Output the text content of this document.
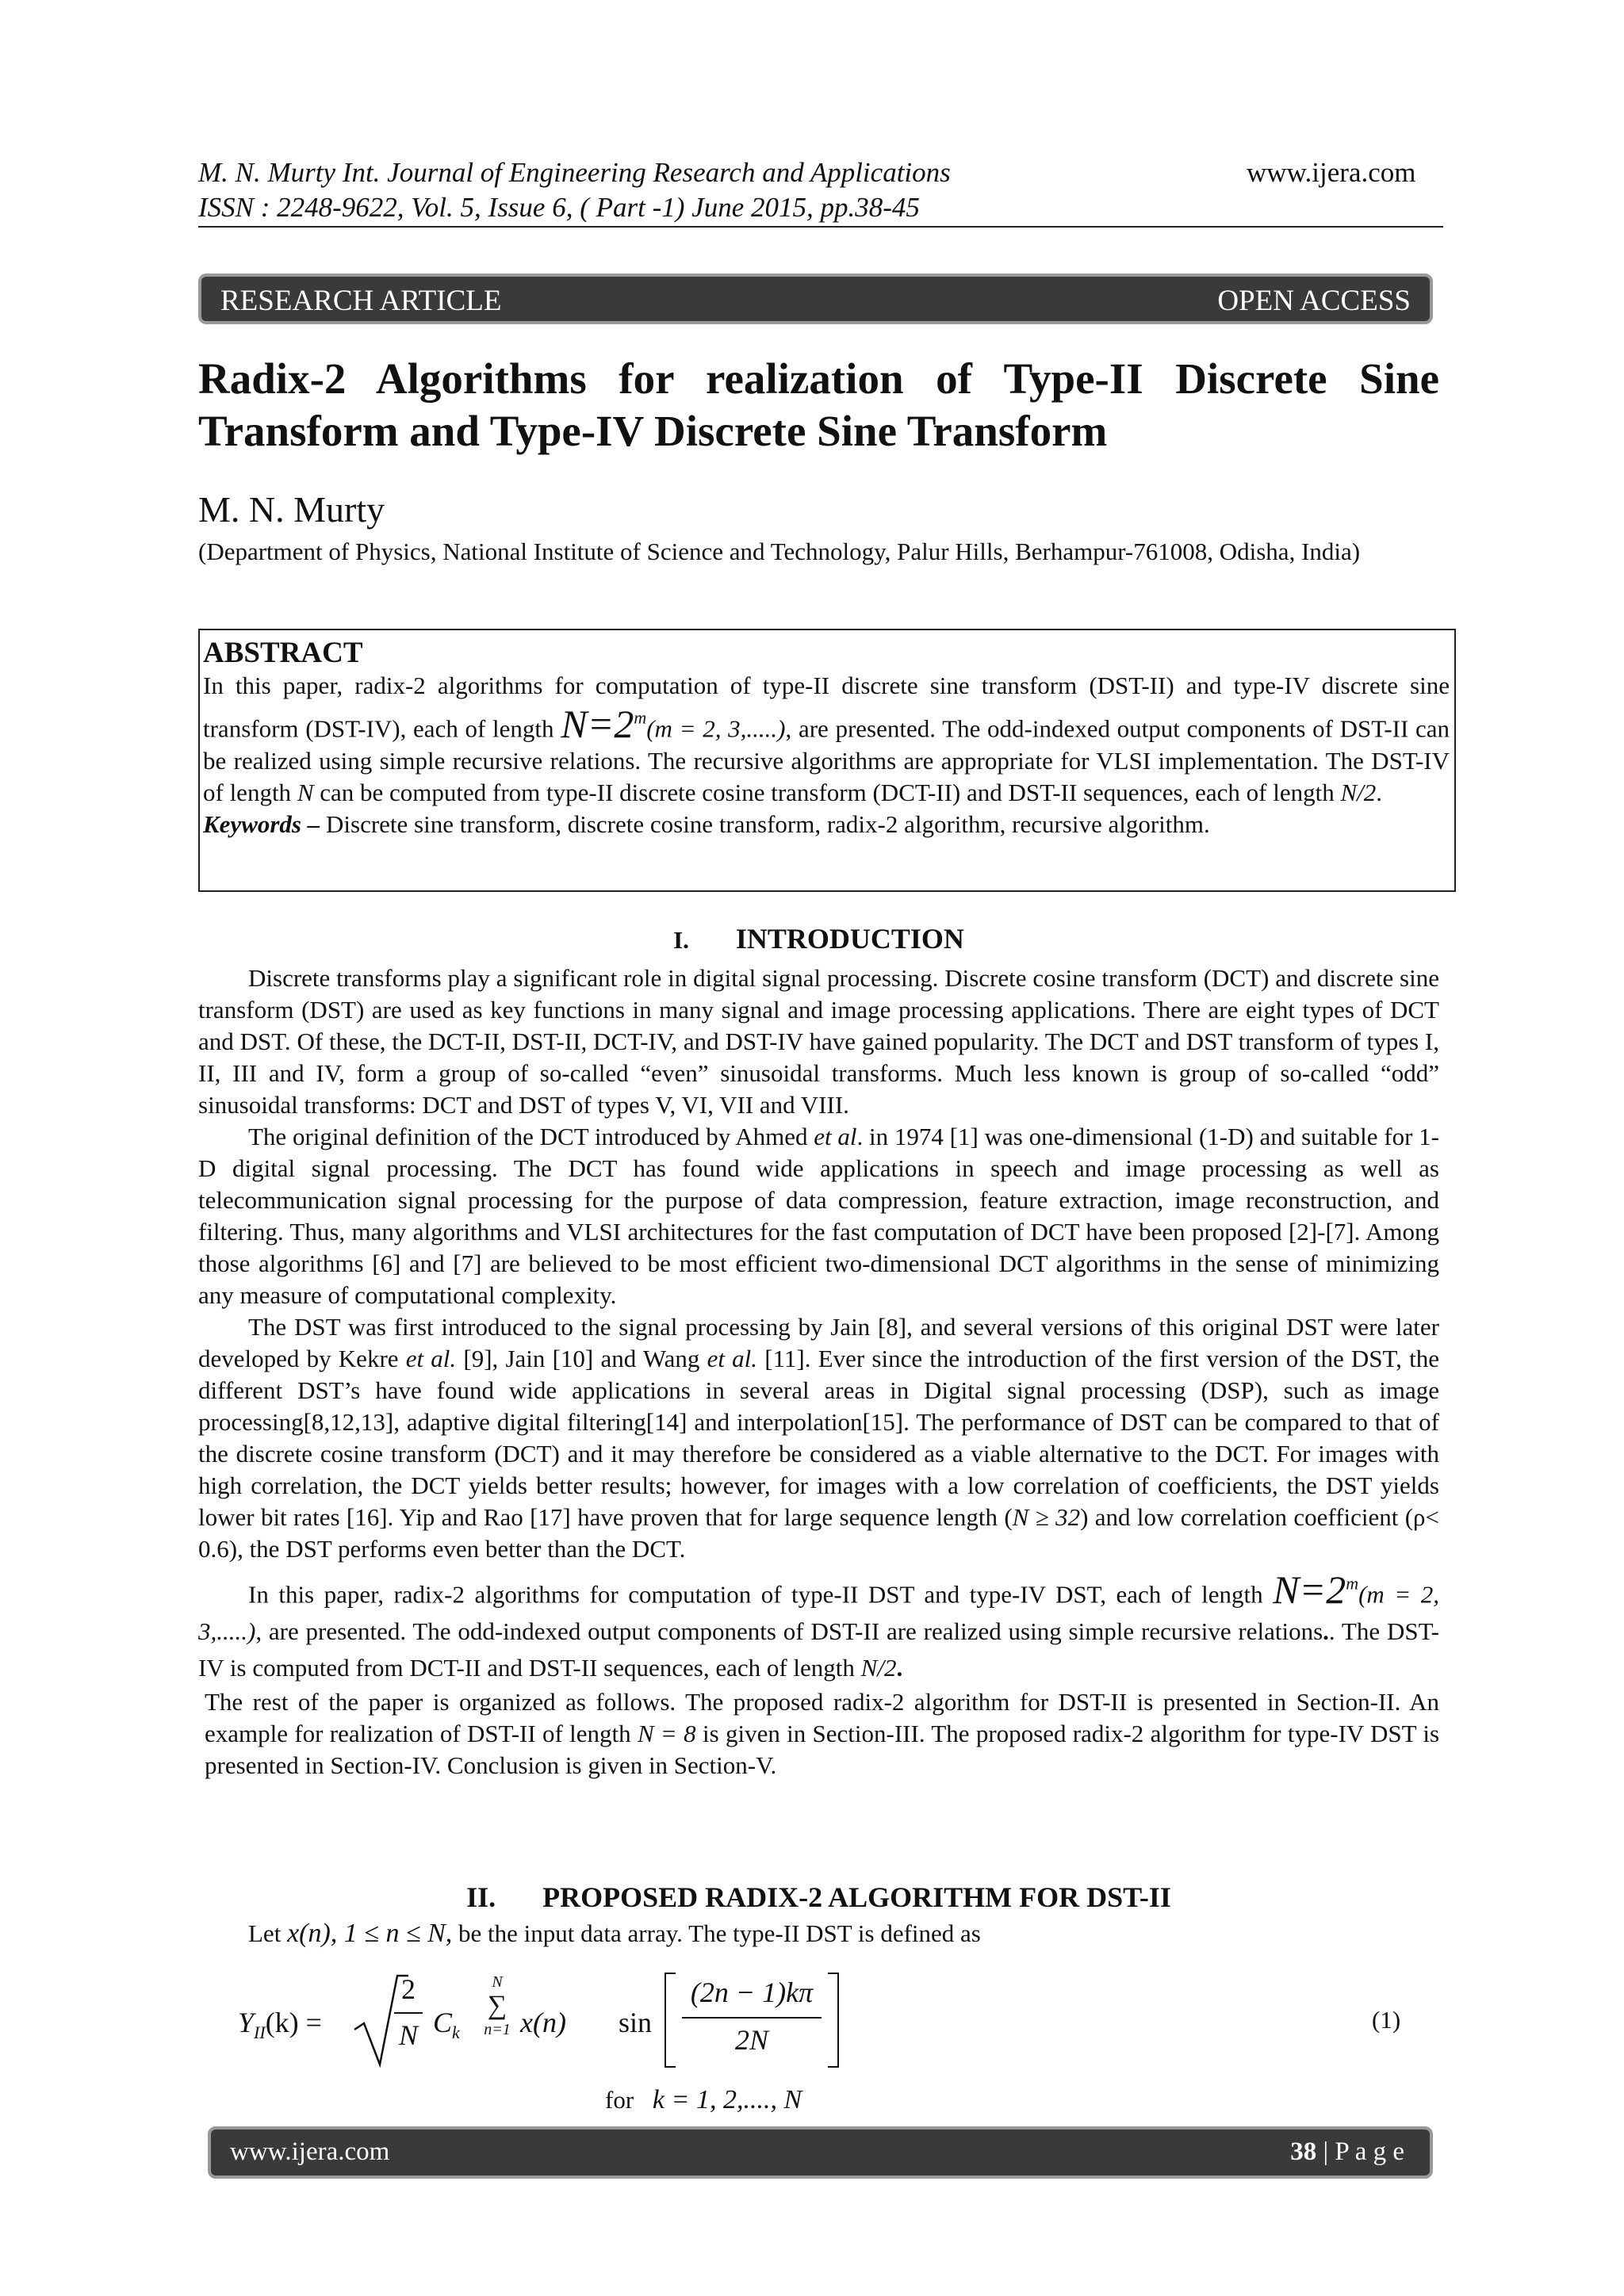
M. N. Murty Int. Journal of Engineering Research and Applications	www.ijera.com
ISSN : 2248-9622, Vol. 5, Issue 6, ( Part -1) June 2015, pp.38-45
RESEARCH ARTICLE	OPEN ACCESS
Radix-2 Algorithms for realization of Type-II Discrete Sine
Transform and Type-IV Discrete Sine Transform
M. N. Murty
(Department of Physics, National Institute of Science and Technology, Palur Hills, Berhampur-761008, Odisha, India)
ABSTRACT

In this paper, radix-2 algorithms for computation of type-II discrete sine transform (DST-II) and type-IV discrete sine transform (DST-IV), each of length $N=2^m(m = 2$, 3,.....), are presented. The odd-indexed output components of DST-II can be realized using simple recursive relations. The recursive algorithms are appropriate for VLSI implementation. The DST-IV of length N can be computed from type-II discrete cosine transform (DCT-II) and DST-II sequences, each of length N/2.

Keywords – Discrete sine transform, discrete cosine transform, radix-2 algorithm, recursive algorithm.

I. INTRODUCTION

Discrete transforms play a significant role in digital signal processing. Discrete cosine transform (DCT) and discrete sine transform (DST) are used as key functions in many signal and image processing applications. There are eight types of DCT and DST. Of these, the DCT-II, DST-II, DCT-IV, and DST-IV have gained popularity. The DCT and DST transform of types I, II, III and IV, form a group of so-called “even” sinusoidal transforms. Much less known is group of so-called “odd” sinusoidal transforms: DCT and DST of types V, VI, VII and VIII.

The original definition of the DCT introduced by Ahmed et al. in 1974 [1] was one-dimensional (1-D) and suitable for 1-D digital signal processing. The DCT has found wide applications in speech and image processing as well as telecommunication signal processing for the purpose of data compression, feature extraction, image reconstruction, and filtering. Thus, many algorithms and VLSI architectures for the fast computation of DCT have been proposed [2]-[7]. Among those algorithms [6] and [7] are believed to be most efficient two-dimensional DCT algorithms in the sense of minimizing any measure of computational complexity.

The DST was first introduced to the signal processing by Jain [8], and several versions of this original DST were later developed by Kekre et al. [9], Jain [10] and Wang et al. [11]. Ever since the introduction of the first version of the DST, the different DST’s have found wide applications in several areas in Digital signal processing (DSP), such as image processing[8,12,13], adaptive digital filtering[14] and interpolation[15]. The performance of DST can be compared to that of the discrete cosine transform (DCT) and it may therefore be considered as a viable alternative to the DCT. For images with high correlation, the DCT yields better results; however, for images with a low correlation of coefficients, the DST yields lower bit rates [16]. Yip and Rao [17] have proven that for large sequence length (N ≥ 32) and low correlation coefficient (ρ< 0.6), the DST performs even better than the DCT.

In this paper, radix-2 algorithms for computation of type-II DST and type-IV DST, each of length $N=2^m(m = 2$, 3,.....), are presented. The odd-indexed output components of DST-II are realized using simple recursive relations.. The DST-IV is computed from DCT-II and DST-II sequences, each of length N/2.

The rest of the paper is organized as follows. The proposed radix-2 algorithm for DST-II is presented in Section-II. An example for realization of DST-II of length N = 8 is given in Section-III. The proposed radix-2 algorithm for type-IV DST is presented in Section-IV. Conclusion is given in Section-V.

II. PROPOSED RADIX-2 ALGORITHM FOR DST-II
Let x(n), 1 ≤ n ≤ N, be the input data array. The type-II DST is defined as
$Y_{II}(k)$ =
2
N $C_k$
N
∑
n=1 x(n) sin
(2n − 1)kπ
2N
(1)
for k = 1, 2,...., N
www.ijera.com	38 | P a g e
